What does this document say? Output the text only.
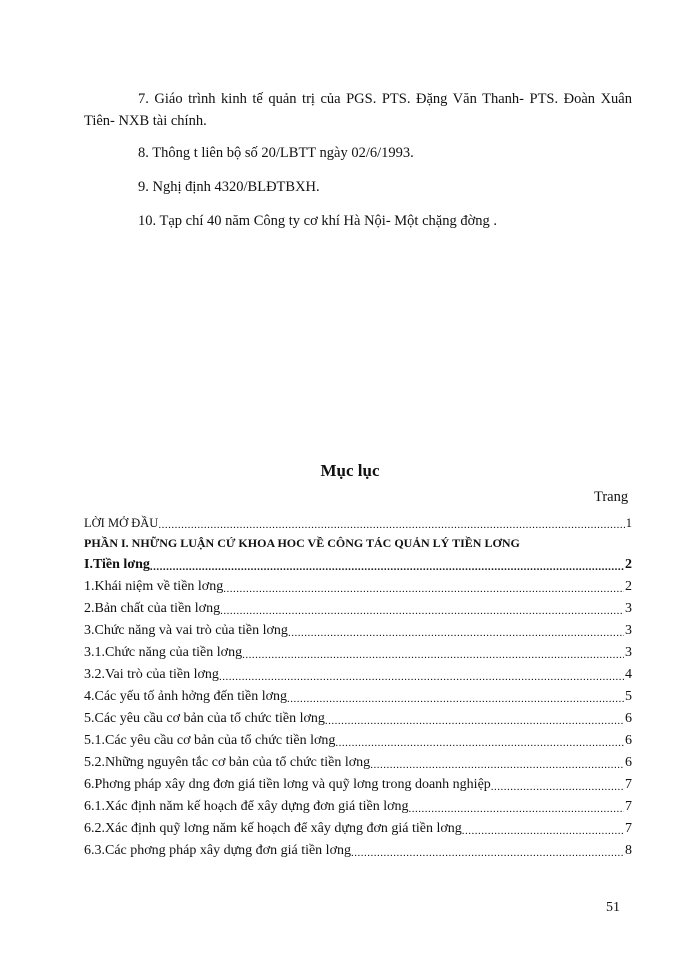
7. Giáo trình kinh tế quản trị của PGS. PTS. Đặng Văn Thanh- PTS. Đoàn Xuân Tiên- NXB tài chính.
8. Thông t liên bộ số 20/LBTT ngày 02/6/1993.
9. Nghị định 4320/BLĐTBXH.
10. Tạp chí 40 năm Công ty cơ khí Hà Nội- Một chặng đờng .
Mục lục
Trang
LỜI MỞ ĐẦU .....	1
PHẦN I. NHỮNG LUẬN CỨ KHOA HOC VỀ CÔNG TÁC QUẢN LÝ TIỀN LƠNG
I.Tiền lơng .....	2
1.Khái niệm về tiền lơng .....	2
2.Bản chất của tiền lơng .....	3
3.Chức năng và vai trò của tiền lơng .....	3
3.1.Chức năng của tiền lơng .....	3
3.2.Vai trò của tiền lơng .....	4
4.Các yếu tố ảnh hởng đến tiền lơng .....	5
5.Các yêu cầu cơ bản của tổ chức tiền lơng .....	6
5.1.Các yêu cầu cơ bản của tổ chức tiền lơng .....	6
5.2.Những nguyên tắc cơ bản của tổ chức tiền lơng .....	6
6.Phơng pháp xây dng đơn giá tiền lơng và quỹ lơng trong doanh nghiệp .....	7
6.1.Xác định năm kế hoạch để xây dựng đơn giá tiền lơng .....	7
6.2.Xác định quỹ lơng năm kế hoạch để xây dựng đơn giá tiền lơng .....	7
6.3.Các phơng pháp xây dựng đơn giá tiền lơng .....	8
51
